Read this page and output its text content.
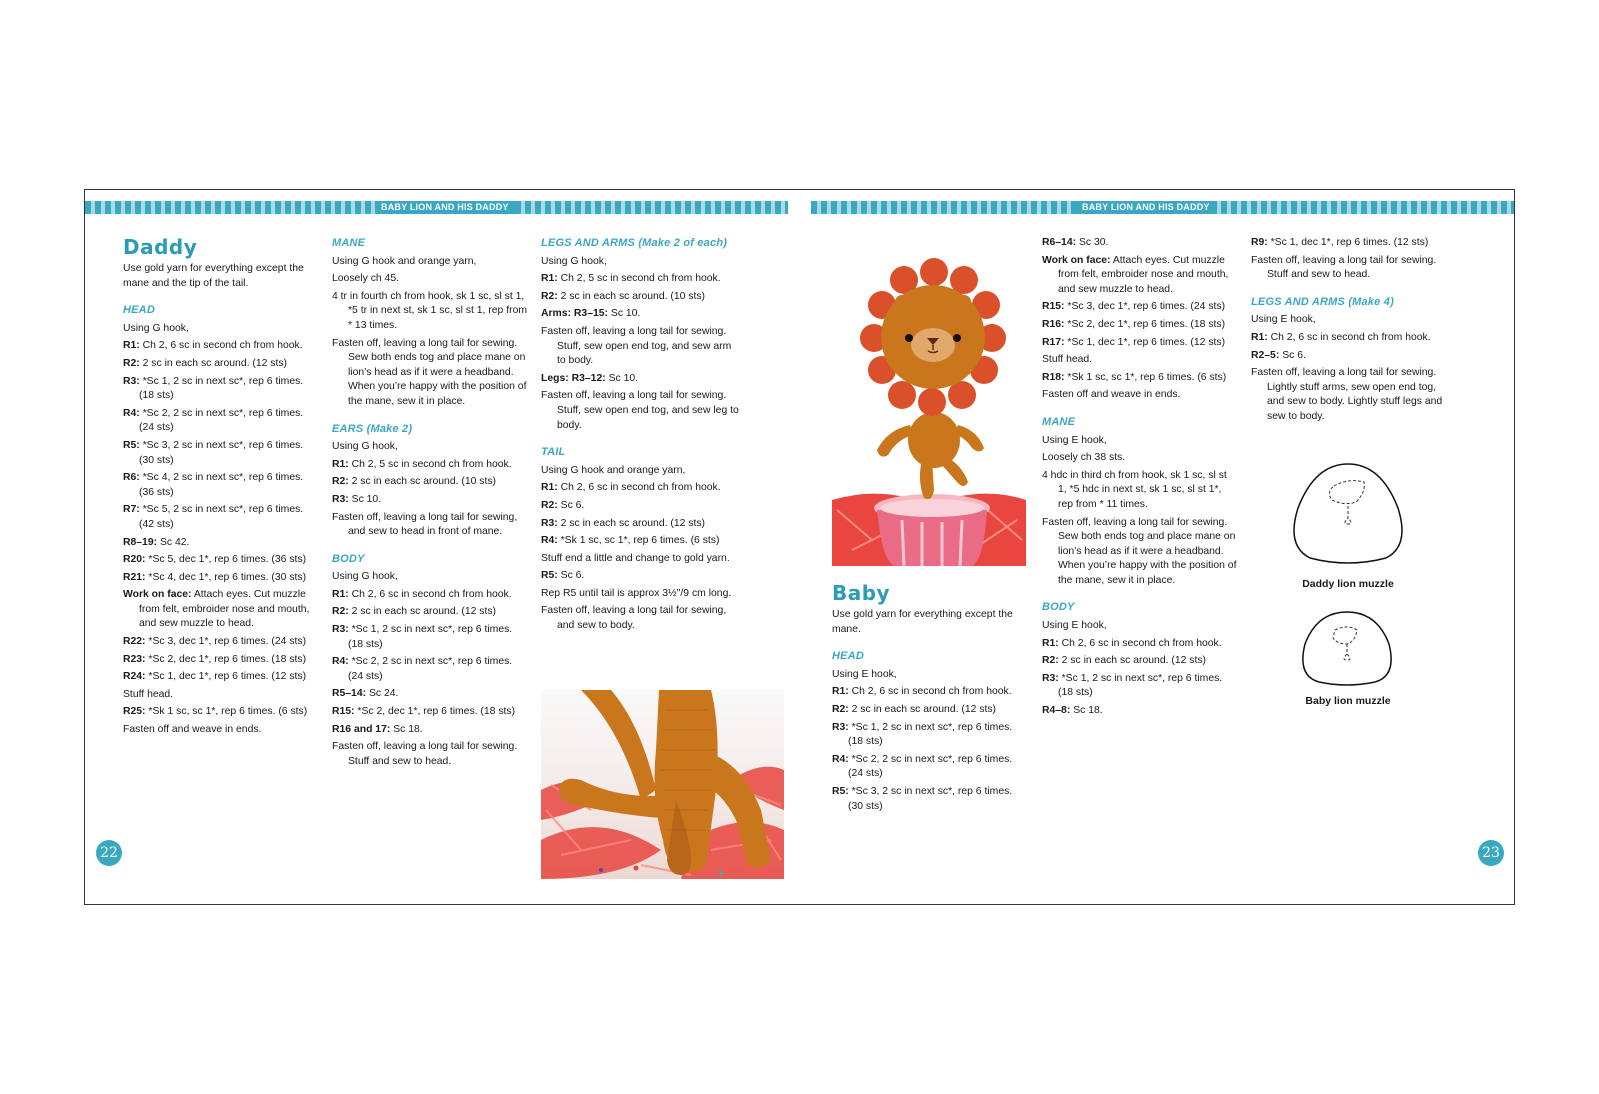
BABY LION AND HIS DADDY	BABY LION AND HIS DADDY

Daddy

Use gold yarn for everything except the mane and the tip of the tail.

HEAD

Using G hook,

R1: Ch 2, 6 sc in second ch from hook.

R2: 2 sc in each sc around. (12 sts)

R3: *Sc 1, 2 sc in next sc*, rep 6 times. (18 sts)

R4: *Sc 2, 2 sc in next sc*, rep 6 times. (24 sts)

R5: *Sc 3, 2 sc in next sc*, rep 6 times. (30 sts)

R6: *Sc 4, 2 sc in next sc*, rep 6 times. (36 sts)

R7: *Sc 5, 2 sc in next sc*, rep 6 times. (42 sts)

R8–19: Sc 42.

R20: *Sc 5, dec 1*, rep 6 times. (36 sts)

R21: *Sc 4, dec 1*, rep 6 times. (30 sts)

Work on face: Attach eyes. Cut muzzle from felt, embroider nose and mouth, and sew muzzle to head.

R22: *Sc 3, dec 1*, rep 6 times. (24 sts)

R23: *Sc 2, dec 1*, rep 6 times. (18 sts)

R24: *Sc 1, dec 1*, rep 6 times. (12 sts)

Stuff head.

R25: *Sk 1 sc, sc 1*, rep 6 times. (6 sts)

Fasten off and weave in ends.

MANE

Using G hook and orange yarn,

Loosely ch 45.

4 tr in fourth ch from hook, sk 1 sc, sl st 1, *5 tr in next st, sk 1 sc, sl st 1, rep from * 13 times.

Fasten off, leaving a long tail for sewing. Sew both ends tog and place mane on lion’s head as if it were a headband. When you’re happy with the position of the mane, sew it in place.

EARS (Make 2)

Using G hook,

R1: Ch 2, 5 sc in second ch from hook.

R2: 2 sc in each sc around. (10 sts)

R3: Sc 10.

Fasten off, leaving a long tail for sewing, and sew to head in front of mane.

BODY

Using G hook,

R1: Ch 2, 6 sc in second ch from hook.

R2: 2 sc in each sc around. (12 sts)

R3: *Sc 1, 2 sc in next sc*, rep 6 times. (18 sts)

R4: *Sc 2, 2 sc in next sc*, rep 6 times. (24 sts)

R5–14: Sc 24.

R15: *Sc 2, dec 1*, rep 6 times. (18 sts)

R16 and 17: Sc 18.

Fasten off, leaving a long tail for sewing. Stuff and sew to head.

LEGS AND ARMS (Make 2 of each)

Using G hook,

R1: Ch 2, 5 sc in second ch from hook.

R2: 2 sc in each sc around. (10 sts)

Arms: R3–15: Sc 10.

Fasten off, leaving a long tail for sewing. Stuff, sew open end tog, and sew arm to body.

Legs: R3–12: Sc 10.

Fasten off, leaving a long tail for sewing. Stuff, sew open end tog, and sew leg to body.

TAIL

Using G hook and orange yarn,

R1: Ch 2, 6 sc in second ch from hook.

R2: Sc 6.

R3: 2 sc in each sc around. (12 sts)

R4: *Sk 1 sc, sc 1*, rep 6 times. (6 sts)

Stuff end a little and change to gold yarn.

R5: Sc 6.

Rep R5 until tail is approx 3½"/9 cm long.

Fasten off, leaving a long tail for sewing, and sew to body.

Baby

Use gold yarn for everything except the mane.

HEAD

Using E hook,

R1: Ch 2, 6 sc in second ch from hook.

R2: 2 sc in each sc around. (12 sts)

R3: *Sc 1, 2 sc in next sc*, rep 6 times. (18 sts)

R4: *Sc 2, 2 sc in next sc*, rep 6 times. (24 sts)

R5: *Sc 3, 2 sc in next sc*, rep 6 times. (30 sts)

R6–14: Sc 30.

Work on face: Attach eyes. Cut muzzle from felt, embroider nose and mouth, and sew muzzle to head.

R15: *Sc 3, dec 1*, rep 6 times. (24 sts)

R16: *Sc 2, dec 1*, rep 6 times. (18 sts)

R17: *Sc 1, dec 1*, rep 6 times. (12 sts)

Stuff head.

R18: *Sk 1 sc, sc 1*, rep 6 times. (6 sts)

Fasten off and weave in ends.

MANE

Using E hook,

Loosely ch 38 sts.

4 hdc in third ch from hook, sk 1 sc, sl st 1, *5 hdc in next st, sk 1 sc, sl st 1*, rep from * 11 times.

Fasten off, leaving a long tail for sewing. Sew both ends tog and place mane on lion’s head as if it were a headband. When you’re happy with the position of the mane, sew it in place.

BODY

Using E hook,

R1: Ch 2, 6 sc in second ch from hook.

R2: 2 sc in each sc around. (12 sts)

R3: *Sc 1, 2 sc in next sc*, rep 6 times. (18 sts)

R4–8: Sc 18.

R9: *Sc 1, dec 1*, rep 6 times. (12 sts)

Fasten off, leaving a long tail for sewing. Stuff and sew to head.

LEGS AND ARMS (Make 4)

Using E hook,

R1: Ch 2, 6 sc in second ch from hook.

R2–5: Sc 6.

Fasten off, leaving a long tail for sewing. Lightly stuff arms, sew open end tog, and sew to body. Lightly stuff legs and sew to body.

Daddy lion muzzle
Baby lion muzzle
22	23
